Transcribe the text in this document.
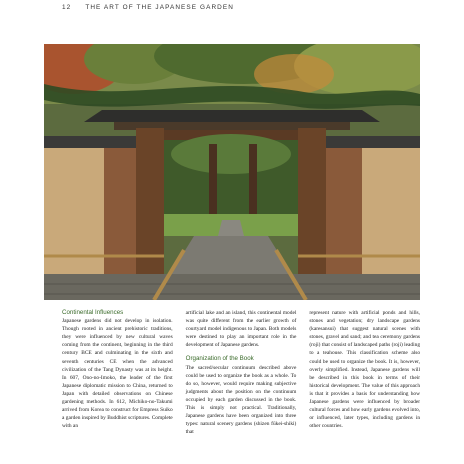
12 THE ART OF THE JAPANESE GARDEN
Continental Influences

Japanese gardens did not develop in isolation. Though rooted in ancient prehistoric traditions, they were influenced by new cultural waves coming from the continent, beginning in the third century BCE and culminating in the sixth and seventh centuries CE when the advanced civilization of the Tang Dynasty was at its height. In 607, Ono-no-Imoko, the leader of the first Japanese diplomatic mission to China, returned to Japan with detailed observations on Chinese gardening methods. In 612, Michiko-no-Takumi arrived from Korea to construct for Empress Suiko a garden inspired by Buddhist scriptures. Complete with an

artificial lake and an island, this continental model was quite different from the earlier growth of courtyard model indigenous to Japan. Both models were destined to play an important role in the development of Japanese gardens.

Organization of the Book

The sacred/secular continuum described above could be used to organize the book as a whole. To do so, however, would require making subjective judgments about the position on the continuum occupied by each garden discussed in the book. This is simply not practical. Traditionally, Japanese gardens have been organized into three types: natural scenery gardens (shizen fūkei-shiki) that

represent nature with artificial ponds and hills, stones and vegetation; dry landscape gardens (karesansui) that suggest natural scenes with stones, gravel and sand; and tea ceremony gardens (roji) that consist of landscaped paths (roji) leading to a teahouse. This classification scheme also could be used to organize the book. It is, however, overly simplified. Instead, Japanese gardens will be described in this book in terms of their historical development. The value of this approach is that it provides a basis for understanding how Japanese gardens were influenced by broader cultural forces and how early gardens evolved into, or influenced, later types, including gardens in other countries.
